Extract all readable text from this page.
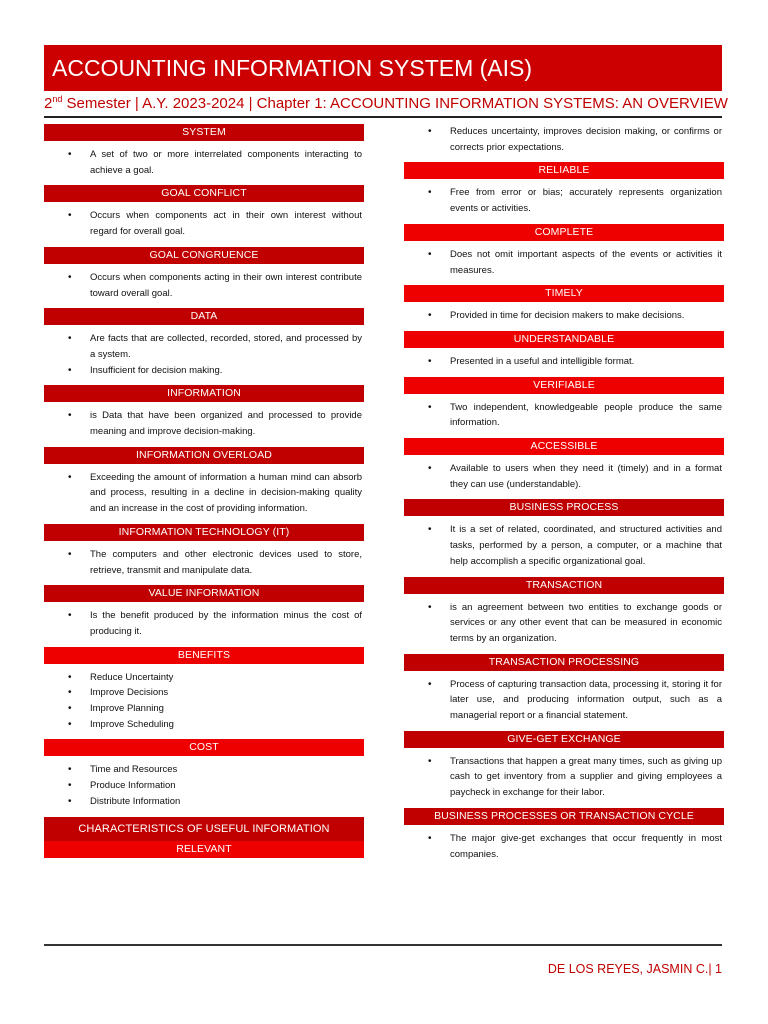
ACCOUNTING INFORMATION SYSTEM (AIS)
2nd Semester | A.Y. 2023-2024 | Chapter 1: ACCOUNTING INFORMATION SYSTEMS: AN OVERVIEW
SYSTEM
• A set of two or more interrelated components interacting to achieve a goal.
GOAL CONFLICT
• Occurs when components act in their own interest without regard for overall goal.
GOAL CONGRUENCE
• Occurs when components acting in their own interest contribute toward overall goal.
DATA
• Are facts that are collected, recorded, stored, and processed by a system.
• Insufficient for decision making.
INFORMATION
• is Data that have been organized and processed to provide meaning and improve decision-making.
INFORMATION OVERLOAD
• Exceeding the amount of information a human mind can absorb and process, resulting in a decline in decision-making quality and an increase in the cost of providing information.
INFORMATION TECHNOLOGY (IT)
• The computers and other electronic devices used to store, retrieve, transmit and manipulate data.
VALUE INFORMATION
• Is the benefit produced by the information minus the cost of producing it.
BENEFITS
• Reduce Uncertainty
• Improve Decisions
• Improve Planning
• Improve Scheduling
COST
• Time and Resources
• Produce Information
• Distribute Information
CHARACTERISTICS OF USEFUL INFORMATION
RELEVANT
• Reduces uncertainty, improves decision making, or confirms or corrects prior expectations.
RELIABLE
• Free from error or bias; accurately represents organization events or activities.
COMPLETE
• Does not omit important aspects of the events or activities it measures.
TIMELY
• Provided in time for decision makers to make decisions.
UNDERSTANDABLE
• Presented in a useful and intelligible format.
VERIFIABLE
• Two independent, knowledgeable people produce the same information.
ACCESSIBLE
• Available to users when they need it (timely) and in a format they can use (understandable).
BUSINESS PROCESS
• It is a set of related, coordinated, and structured activities and tasks, performed by a person, a computer, or a machine that help accomplish a specific organizational goal.
TRANSACTION
• is an agreement between two entities to exchange goods or services or any other event that can be measured in economic terms by an organization.
TRANSACTION PROCESSING
• Process of capturing transaction data, processing it, storing it for later use, and producing information output, such as a managerial report or a financial statement.
GIVE-GET EXCHANGE
• Transactions that happen a great many times, such as giving up cash to get inventory from a supplier and giving employees a paycheck in exchange for their labor.
BUSINESS PROCESSES OR TRANSACTION CYCLE
• The major give-get exchanges that occur frequently in most companies.
DE LOS REYES, JASMIN C.| 1
